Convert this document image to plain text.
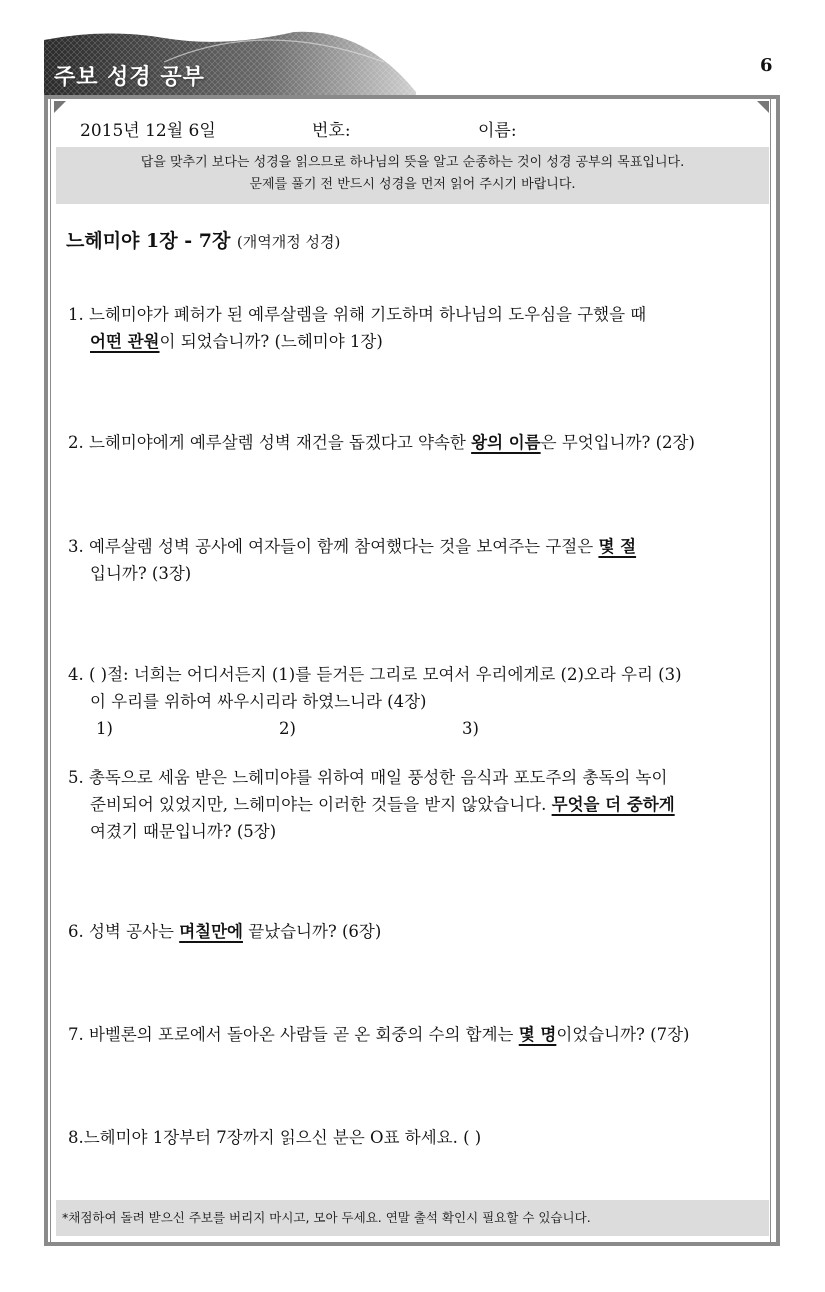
주보 성경 공부	6
2015년 12월 6일	번호:	이름:
답을 맞추기 보다는 성경을 읽으므로 하나님의 뜻을 알고 순종하는 것이 성경 공부의 목표입니다.
문제를 풀기 전 반드시 성경을 먼저 읽어 주시기 바랍니다.
느헤미야 1장 - 7장 (개역개정 성경)
1. 느헤미야가 폐허가 된 예루살렘을 위해 기도하며 하나님의 도우심을 구했을 때
어떤 관원이 되었습니까? (느헤미야 1장)
2. 느헤미야에게 예루살렘 성벽 재건을 돕겠다고 약속한 왕의 이름은 무엇입니까? (2장)
3. 예루살렘 성벽 공사에 여자들이 함께 참여했다는 것을 보여주는 구절은 몇 절
입니까? (3장)
4. ( )절: 너희는 어디서든지 (1)를 듣거든 그리로 모여서 우리에게로 (2)오라 우리 (3)
이 우리를 위하여 싸우시리라 하였느니라 (4장)
1)	2)	3)
5. 총독으로 세움 받은 느헤미야를 위하여 매일 풍성한 음식과 포도주의 총독의 녹이
준비되어 있었지만, 느헤미야는 이러한 것들을 받지 않았습니다. 무엇을 더 중하게
여겼기 때문입니까? (5장)
6. 성벽 공사는 며칠만에 끝났습니까? (6장)
7. 바벨론의 포로에서 돌아온 사람들 곧 온 회중의 수의 합계는 몇 명이었습니까? (7장)
8.느헤미야 1장부터 7장까지 읽으신 분은 O표 하세요. ( )
*채점하여 돌려 받으신 주보를 버리지 마시고, 모아 두세요. 연말 출석 확인시 필요할 수 있습니다.
